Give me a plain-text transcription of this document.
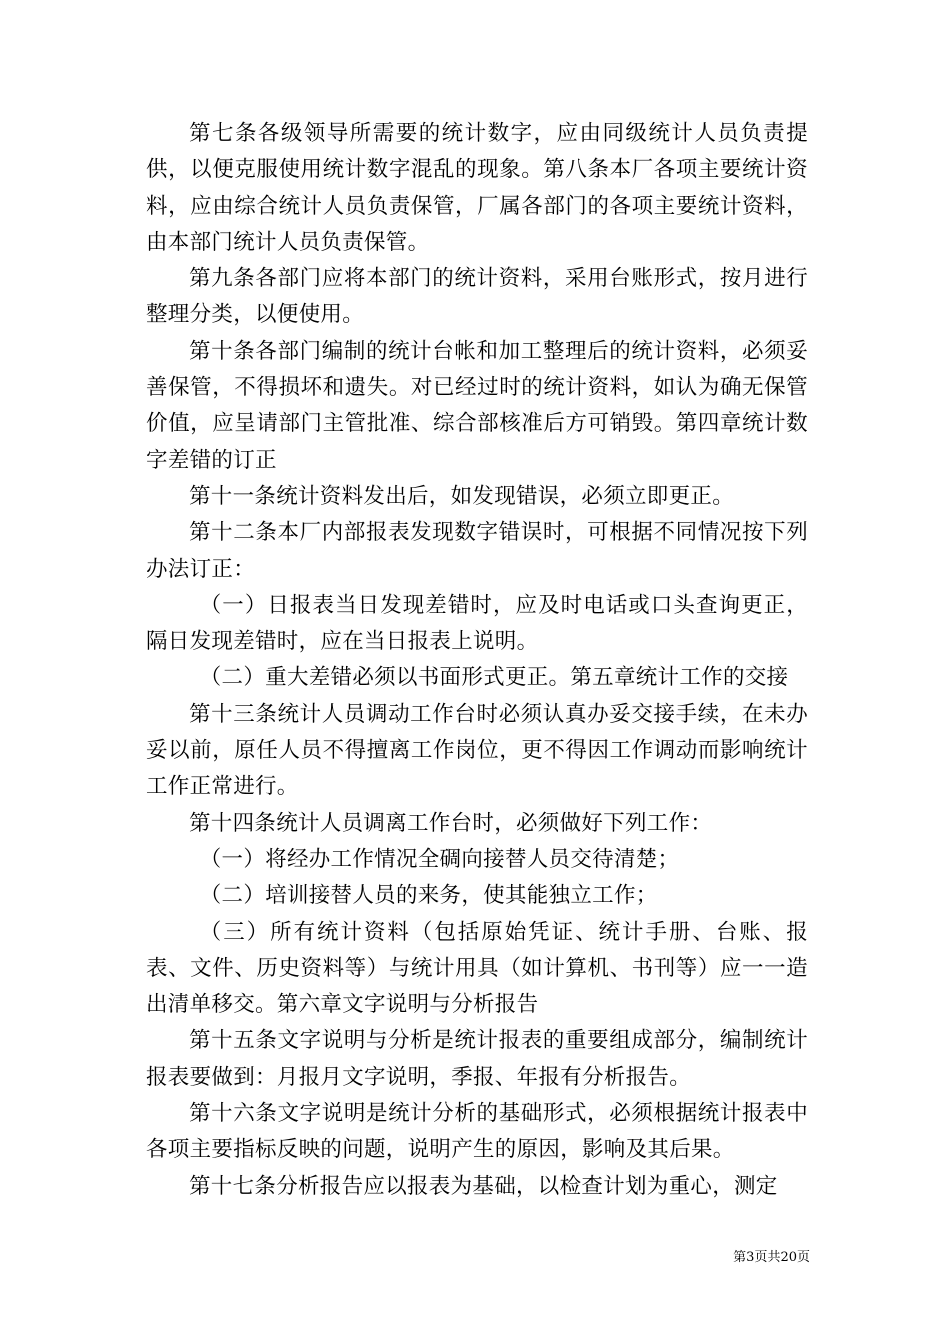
第七条各级领导所需要的统计数字，应由同级统计人员负责提供，以便克服使用统计数字混乱的现象。第八条本厂各项主要统计资料，应由综合统计人员负责保管，厂属各部门的各项主要统计资料，由本部门统计人员负责保管。

第九条各部门应将本部门的统计资料，采用台账形式，按月进行整理分类，以便使用。

第十条各部门编制的统计台帐和加工整理后的统计资料，必须妥善保管，不得损坏和遗失。对已经过时的统计资料，如认为确无保管价值，应呈请部门主管批准、综合部核准后方可销毁。第四章统计数字差错的订正

第十一条统计资料发出后，如发现错误，必须立即更正。

第十二条本厂内部报表发现数字错误时，可根据不同情况按下列办法订正：

（一）日报表当日发现差错时，应及时电话或口头查询更正，隔日发现差错时，应在当日报表上说明。

（二）重大差错必须以书面形式更正。第五章统计工作的交接

第十三条统计人员调动工作台时必须认真办妥交接手续，在未办妥以前，原任人员不得擅离工作岗位，更不得因工作调动而影响统计工作正常进行。

第十四条统计人员调离工作台时，必须做好下列工作：

（一）将经办工作情况全碉向接替人员交待清楚；

（二）培训接替人员的来务，使其能独立工作；

（三）所有统计资料（包括原始凭证、统计手册、台账、报表、文件、历史资料等）与统计用具（如计算机、书刊等）应一一造出清单移交。第六章文字说明与分析报告

第十五条文字说明与分析是统计报表的重要组成部分，编制统计报表要做到：月报月文字说明，季报、年报有分析报告。

第十六条文字说明是统计分析的基础形式，必须根据统计报表中各项主要指标反映的问题，说明产生的原因，影响及其后果。

第十七条分析报告应以报表为基础，以检查计划为重心，测定

第3页共20页
